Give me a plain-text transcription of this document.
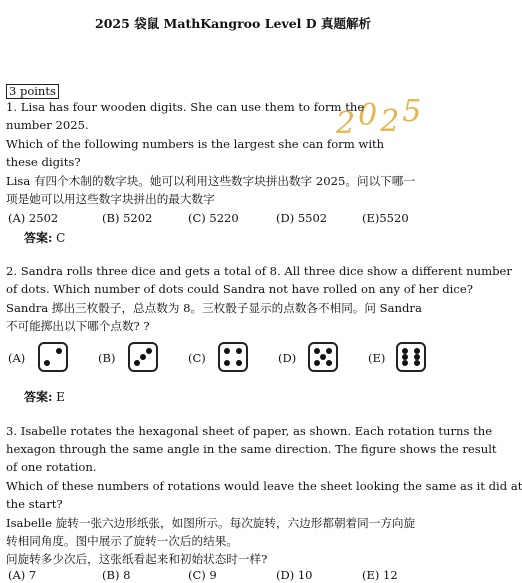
2025 袋鼠 MathKangroo Level D 真题解析
2025
3 points
1. Lisa has four wooden digits. She can use them to form the
number 2025.
Which of the following numbers is the largest she can form with
these digits?
Lisa 有四个木制的数字块。她可以利用这些数字块拼出数字 2025。问以下哪一
项是她可以用这些数字块拼出的最大数字
(A) 2502	(B) 5202	(C) 5220	(D) 5502	(E)5520
答案: C
2. Sandra rolls three dice and gets a total of 8. All three dice show a different number
of dots. Which number of dots could Sandra not have rolled on any of her dice?
Sandra 掷出三枚骰子，总点数为 8。三枚骰子显示的点数各不相同。问 Sandra
不可能掷出以下哪个点数? ?
(A)	(B)	(C)	(D)	(E)
答案: E
3. Isabelle rotates the hexagonal sheet of paper, as shown. Each rotation turns the
hexagon through the same angle in the same direction. The figure shows the result
of one rotation.
Which of these numbers of rotations would leave the sheet looking the same as it did at
the start?
Isabelle 旋转一张六边形纸张，如图所示。每次旋转，六边形都朝着同一方向旋
转相同角度。图中展示了旋转一次后的结果。
问旋转多少次后，这张纸看起来和初始状态时一样?
(A) 7	(B) 8	(C) 9	(D) 10	(E) 12
